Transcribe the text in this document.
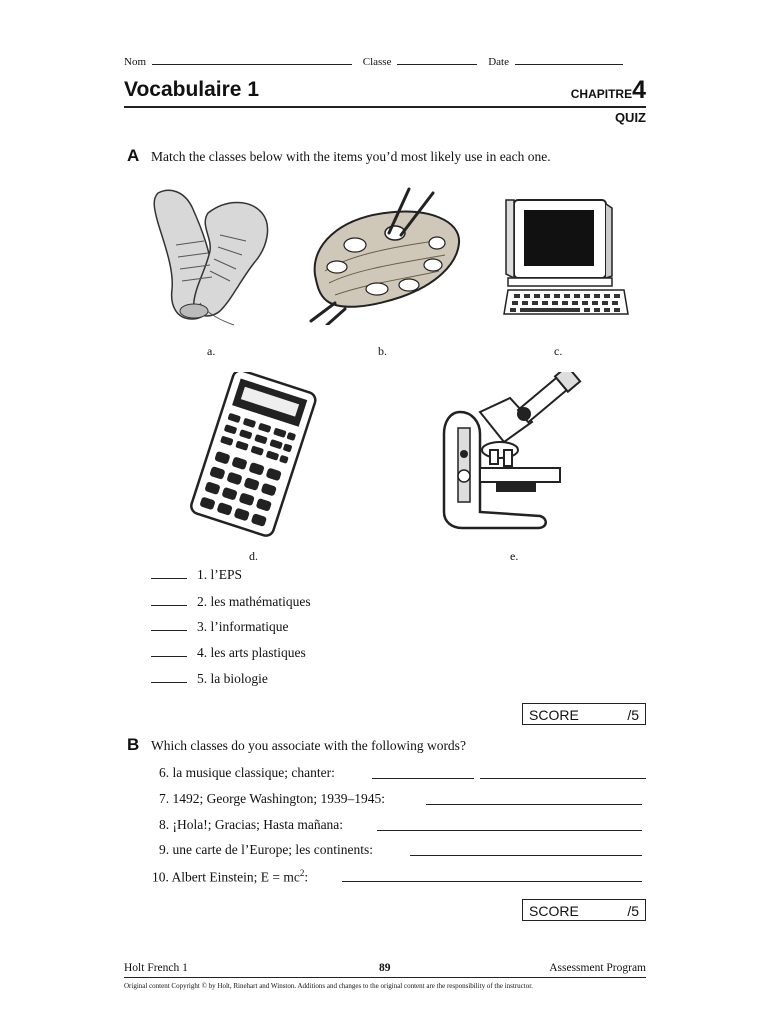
Nom	Classe	Date
Vocabulaire 1	CHAPITRE4
QUIZ
A Match the classes below with the items you’d most likely use in each one.
a.	b.	c.
d.	e.
1. l’EPS
2. les mathématiques
3. l’informatique
4. les arts plastiques
5. la biologie
SCORE	/5
B Which classes do you associate with the following words?
6. la musique classique; chanter:
7. 1492; George Washington; 1939–1945:
8. ¡Hola!; Gracias; Hasta mañana:
9. une carte de l’Europe; les continents:
10. Albert Einstein; $E = mc^2$:
SCORE	/5
Holt French 1	89	Assessment Program
Original content Copyright © by Holt, Rinehart and Winston. Additions and changes to the original content are the responsibility of the instructor.
